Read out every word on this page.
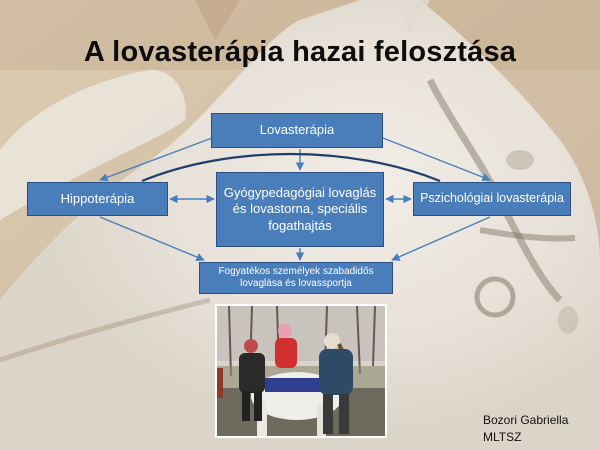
A lovasterápia hazai felosztása
Lovasterápia
Hippoterápia	Gyógypedagógiai lovaglás és lovastorna, speciális fogathajtás
Pszichológiai lovasterápia
Fogyatékos személyek szabadidős lovaglása és lovassportja
Bozori Gabriella
MLTSZ
